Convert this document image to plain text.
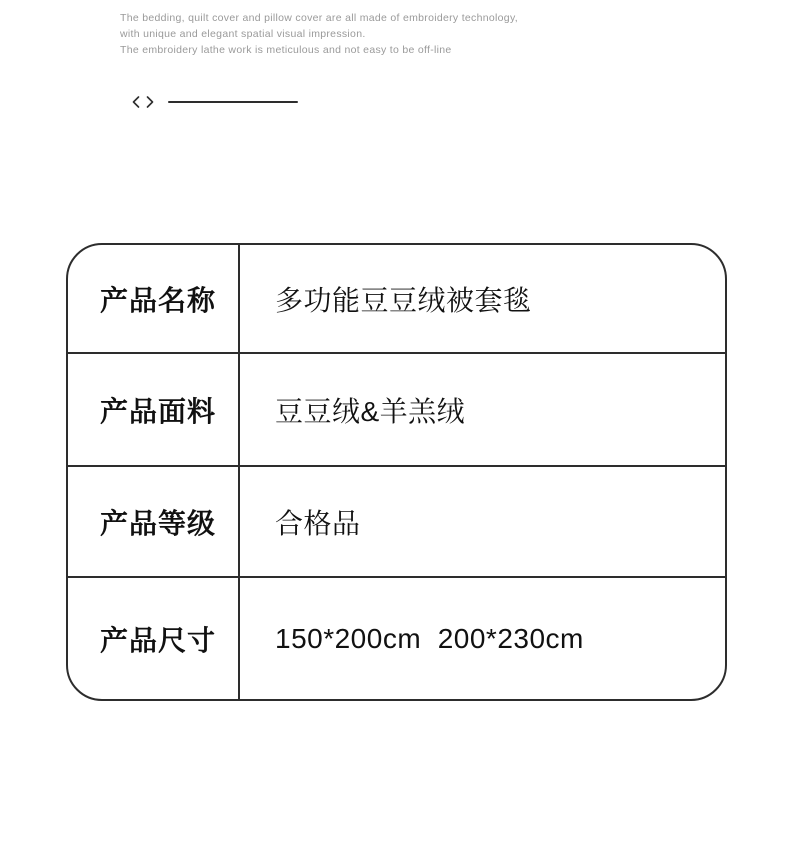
The bedding, quilt cover and pillow cover are all made of embroidery technology,
with unique and elegant spatial visual impression.
The embroidery lathe work is meticulous and not easy to be off-line
产品名称	多功能豆豆绒被套毯
产品面料	豆豆绒&羊羔绒
产品等级	合格品
产品尺寸	150*200cm  200*230cm
